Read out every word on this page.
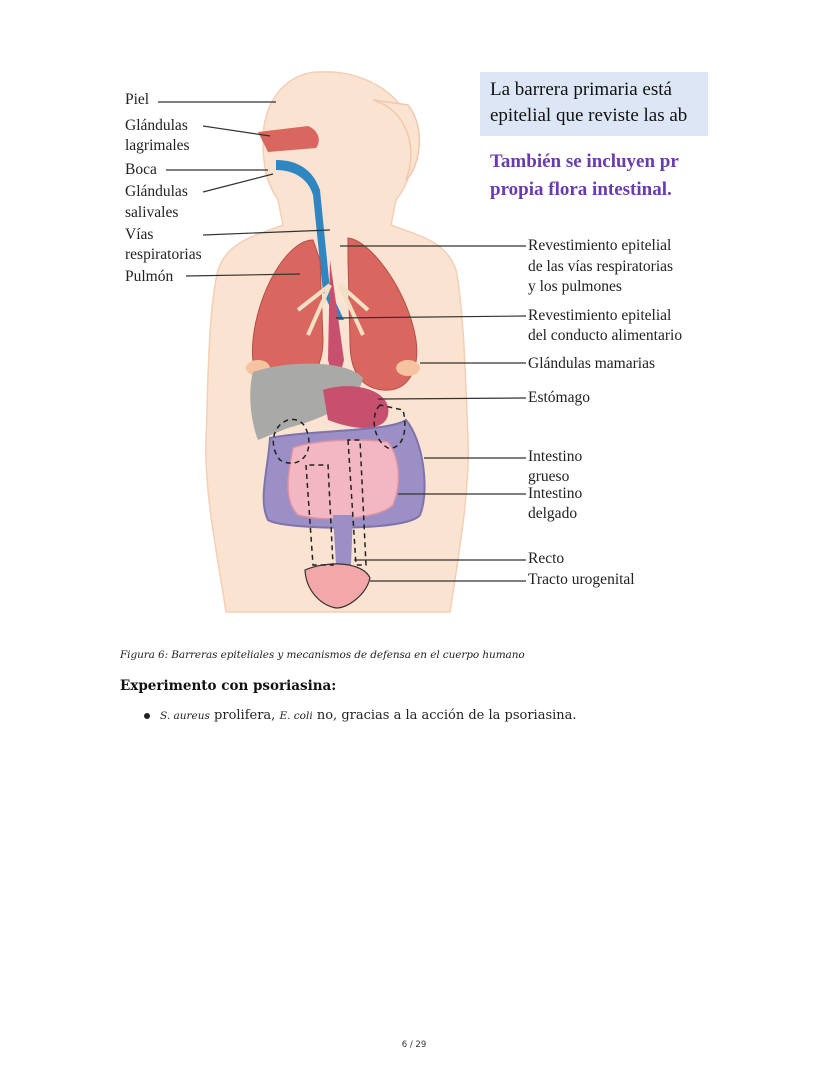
Piel
Glándulas
lagrimales
Boca
Glándulas
salivales
Vías
respiratorias
Pulmón
Revestimiento epitelial
de las vías respiratorias
y los pulmones
Revestimiento epitelial
del conducto alimentario
Glándulas mamarias
Estómago
Intestino
grueso
Intestino
delgado
Recto
Tracto urogenital
La barrera primaria está
epitelial que reviste las ab
También se incluyen pr
propia flora intestinal.
Figura 6: Barreras epiteliales y mecanismos de defensa en el cuerpo humano
Experimento con psoriasina:
S. aureus prolifera, E. coli no, gracias a la acción de la psoriasina.
6 / 29
